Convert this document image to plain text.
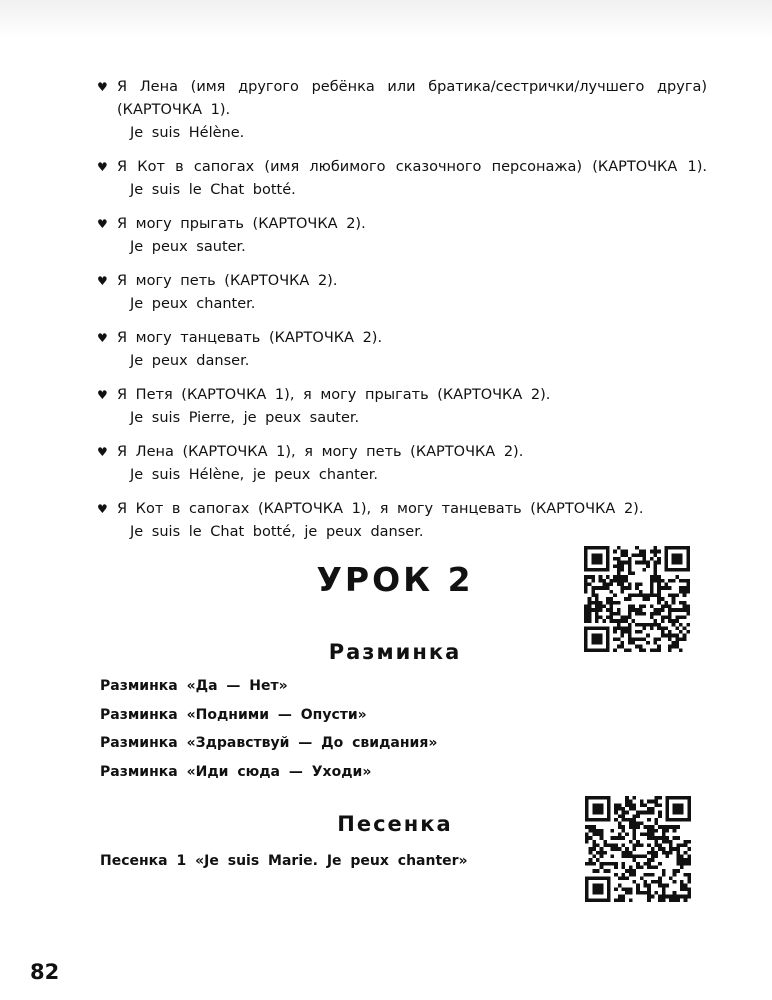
♥ Я Лена (имя другого ребёнка или братика/сестрички/лучшего друга)
(КАРТОЧКА 1).
Je suis Hélène.
♥ Я Кот в сапогах (имя любимого сказочного персонажа) (КАРТОЧКА 1).
Je suis le Chat botté.
♥ Я могу прыгать (КАРТОЧКА 2).
Je peux sauter.
♥ Я могу петь (КАРТОЧКА 2).
Je peux chanter.
♥ Я могу танцевать (КАРТОЧКА 2).
Je peux danser.
♥ Я Петя (КАРТОЧКА 1), я могу прыгать (КАРТОЧКА 2).
Je suis Pierre, je peux sauter.
♥ Я Лена (КАРТОЧКА 1), я могу петь (КАРТОЧКА 2).
Je suis Hélène, je peux chanter.
♥ Я Кот в сапогах (КАРТОЧКА 1), я могу танцевать (КАРТОЧКА 2).
Je suis le Chat botté, je peux danser.
УРОК 2
Разминка
Разминка «Да — Нет»
Разминка «Подними — Опусти»
Разминка «Здравствуй — До свидания»
Разминка «Иди сюда — Уходи»
Песенка
Песенка 1 «Je suis Marie. Je peux chanter»
82
